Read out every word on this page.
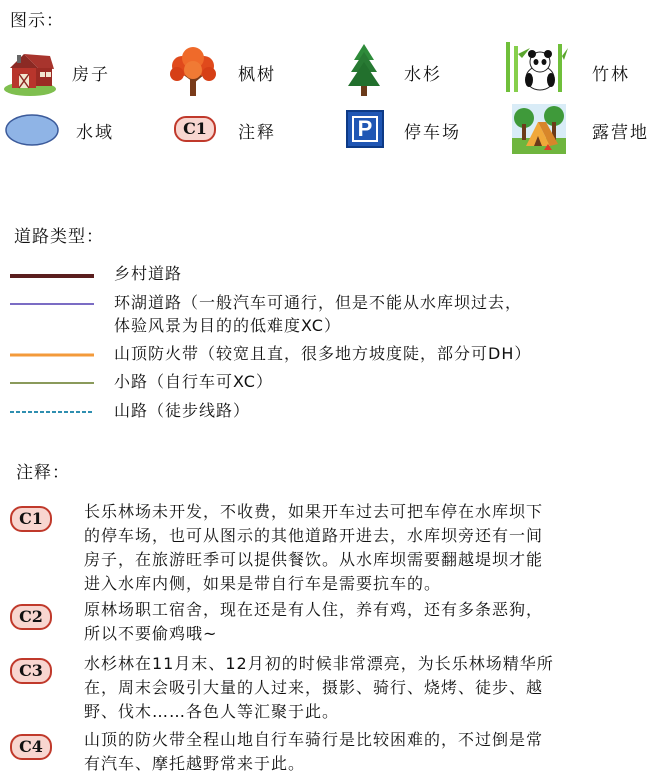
图示：
房子	枫树	水杉	竹林
水域	C1	注释	P	停车场	露营地
道路类型：
乡村道路
环湖道路（一般汽车可通行，但是不能从水库坝过去，
体验风景为目的的低难度XC）
山顶防火带（较宽且直，很多地方坡度陡，部分可DH）
小路（自行车可XC）
山路（徒步线路）
注释：
C1	长乐林场未开发，不收费，如果开车过去可把车停在水库坝下
的停车场，也可从图示的其他道路开进去，水库坝旁还有一间
房子，在旅游旺季可以提供餐饮。从水库坝需要翻越堤坝才能
进入水库内侧，如果是带自行车是需要抗车的。
C2	原林场职工宿舍，现在还是有人住，养有鸡，还有多条恶狗，
所以不要偷鸡哦~
C3	水杉林在11月末、12月初的时候非常漂亮，为长乐林场精华所
在，周末会吸引大量的人过来，摄影、骑行、烧烤、徒步、越
野、伐木……各色人等汇聚于此。
C4	山顶的防火带全程山地自行车骑行是比较困难的，不过倒是常
有汽车、摩托越野常来于此。
